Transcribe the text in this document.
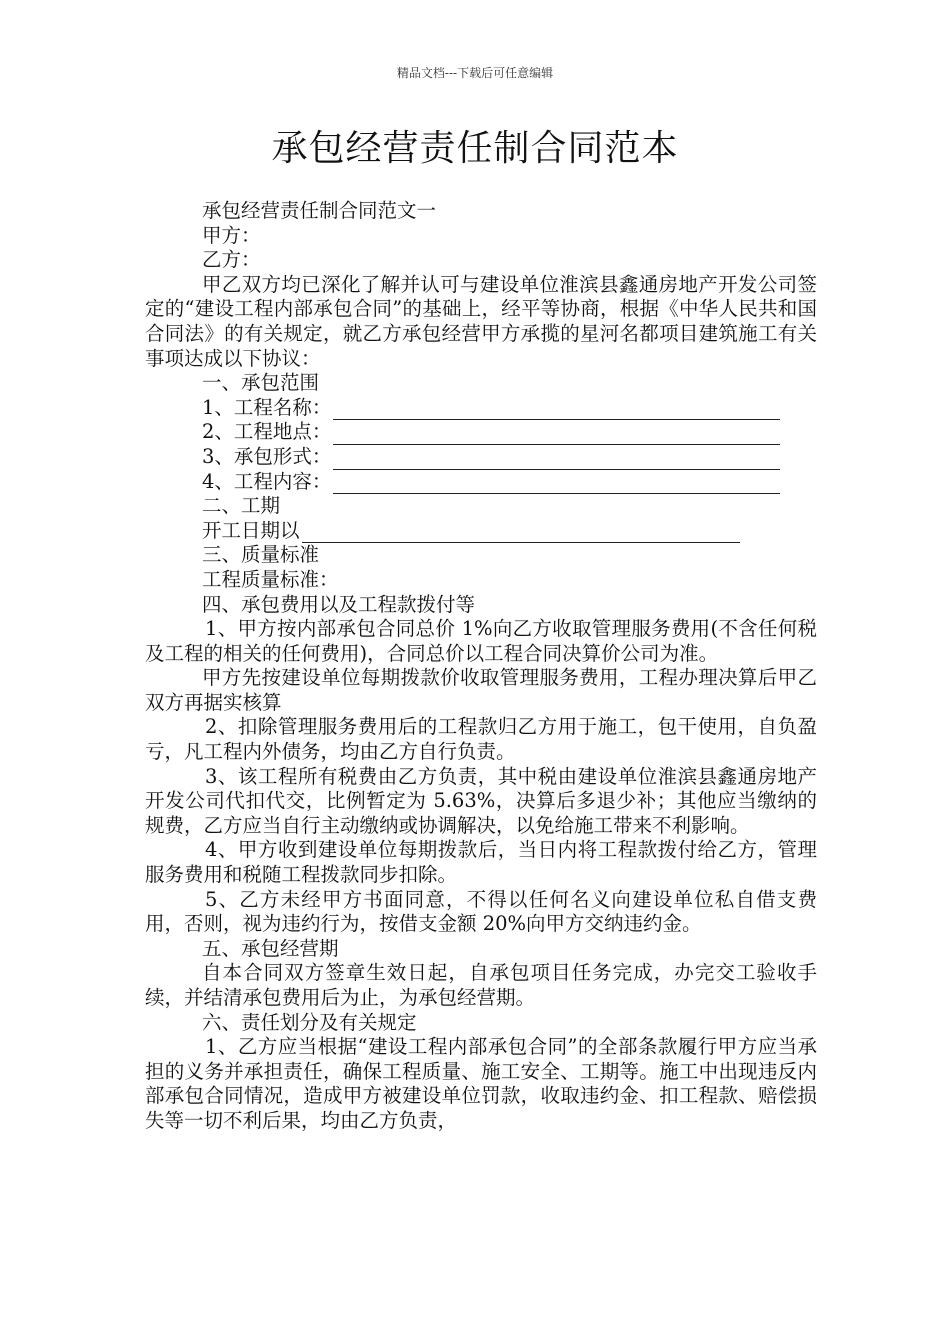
精品文档---下载后可任意编辑
承包经营责任制合同范本

承包经营责任制合同范文一

甲方：

乙方：

甲乙双方均已深化了解并认可与建设单位淮滨县鑫通房地产开发公司签定的“建设工程内部承包合同”的基础上，经平等协商，根据《中华人民共和国合同法》的有关规定，就乙方承包经营甲方承揽的星河名都项目建筑施工有关事项达成以下协议：

一、承包范围

1、工程名称：
2、工程地点：
3、承包形式：
4、工程内容：

二、工期

开工日期以

三、质量标准

工程质量标准：

四、承包费用以及工程款拨付等

1、甲方按内部承包合同总价 1%向乙方收取管理服务费用(不含任何税及工程的相关的任何费用)，合同总价以工程合同决算价公司为准。

甲方先按建设单位每期拨款价收取管理服务费用，工程办理决算后甲乙双方再据实核算

2、扣除管理服务费用后的工程款归乙方用于施工，包干使用，自负盈亏，凡工程内外债务，均由乙方自行负责。

3、该工程所有税费由乙方负责，其中税由建设单位淮滨县鑫通房地产开发公司代扣代交，比例暂定为 5.63%，决算后多退少补；其他应当缴纳的规费，乙方应当自行主动缴纳或协调解决，以免给施工带来不利影响。

4、甲方收到建设单位每期拨款后，当日内将工程款拨付给乙方，管理服务费用和税随工程拨款同步扣除。

5、乙方未经甲方书面同意，不得以任何名义向建设单位私自借支费用，否则，视为违约行为，按借支金额 20%向甲方交纳违约金。

五、承包经营期

自本合同双方签章生效日起，自承包项目任务完成，办完交工验收手续，并结清承包费用后为止，为承包经营期。

六、责任划分及有关规定

1、乙方应当根据“建设工程内部承包合同”的全部条款履行甲方应当承担的义务并承担责任，确保工程质量、施工安全、工期等。施工中出现违反内部承包合同情况，造成甲方被建设单位罚款，收取违约金、扣工程款、赔偿损失等一切不利后果，均由乙方负责，
